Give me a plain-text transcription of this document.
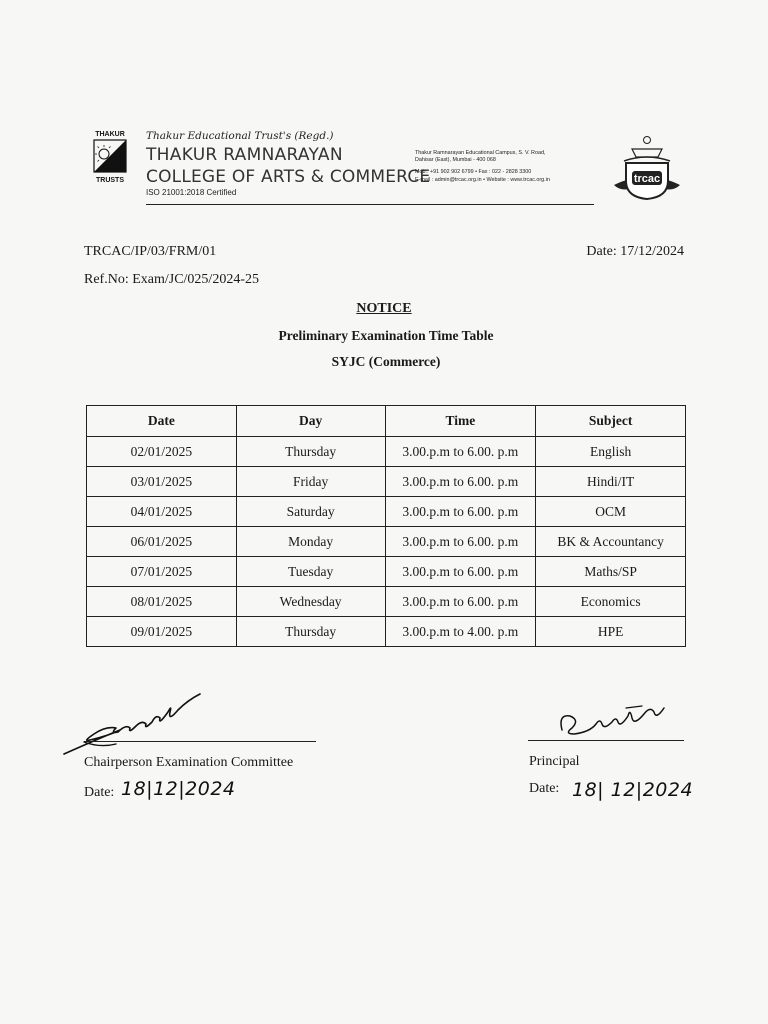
THAKUR
TRUSTS
Thakur Educational Trust's (Regd.)
THAKUR RAMNARAYAN
COLLEGE OF ARTS & COMMERCE
ISO 21001:2018 Certified
Thakur Ramnarayan Educational Campus, S. V. Road,
Dahisar (East), Mumbai - 400 068
Mob.: +91 902 902 6799 • Fax : 022 - 2828 3300
E-mail : admin@trcac.org.in • Website : www.trcac.org.in	trcac
TRCAC/IP/03/FRM/01	Date: 17/12/2024
Ref.No: Exam/JC/025/2024-25
NOTICE
Preliminary Examination Time Table
SYJC (Commerce)
Date	Day	Time	Subject
02/01/2025	Thursday	3.00.p.m to 6.00. p.m	English
03/01/2025	Friday	3.00.p.m to 6.00. p.m	Hindi/IT
04/01/2025	Saturday	3.00.p.m to 6.00. p.m	OCM
06/01/2025	Monday	3.00.p.m to 6.00. p.m	BK & Accountancy
07/01/2025	Tuesday	3.00.p.m to 6.00. p.m	Maths/SP
08/01/2025	Wednesday	3.00.p.m to 6.00. p.m	Economics
09/01/2025	Thursday	3.00.p.m to 4.00. p.m	HPE
Chairperson Examination Committee	Principal
Date: 18|12|2024	Date: 18| 12|2024
